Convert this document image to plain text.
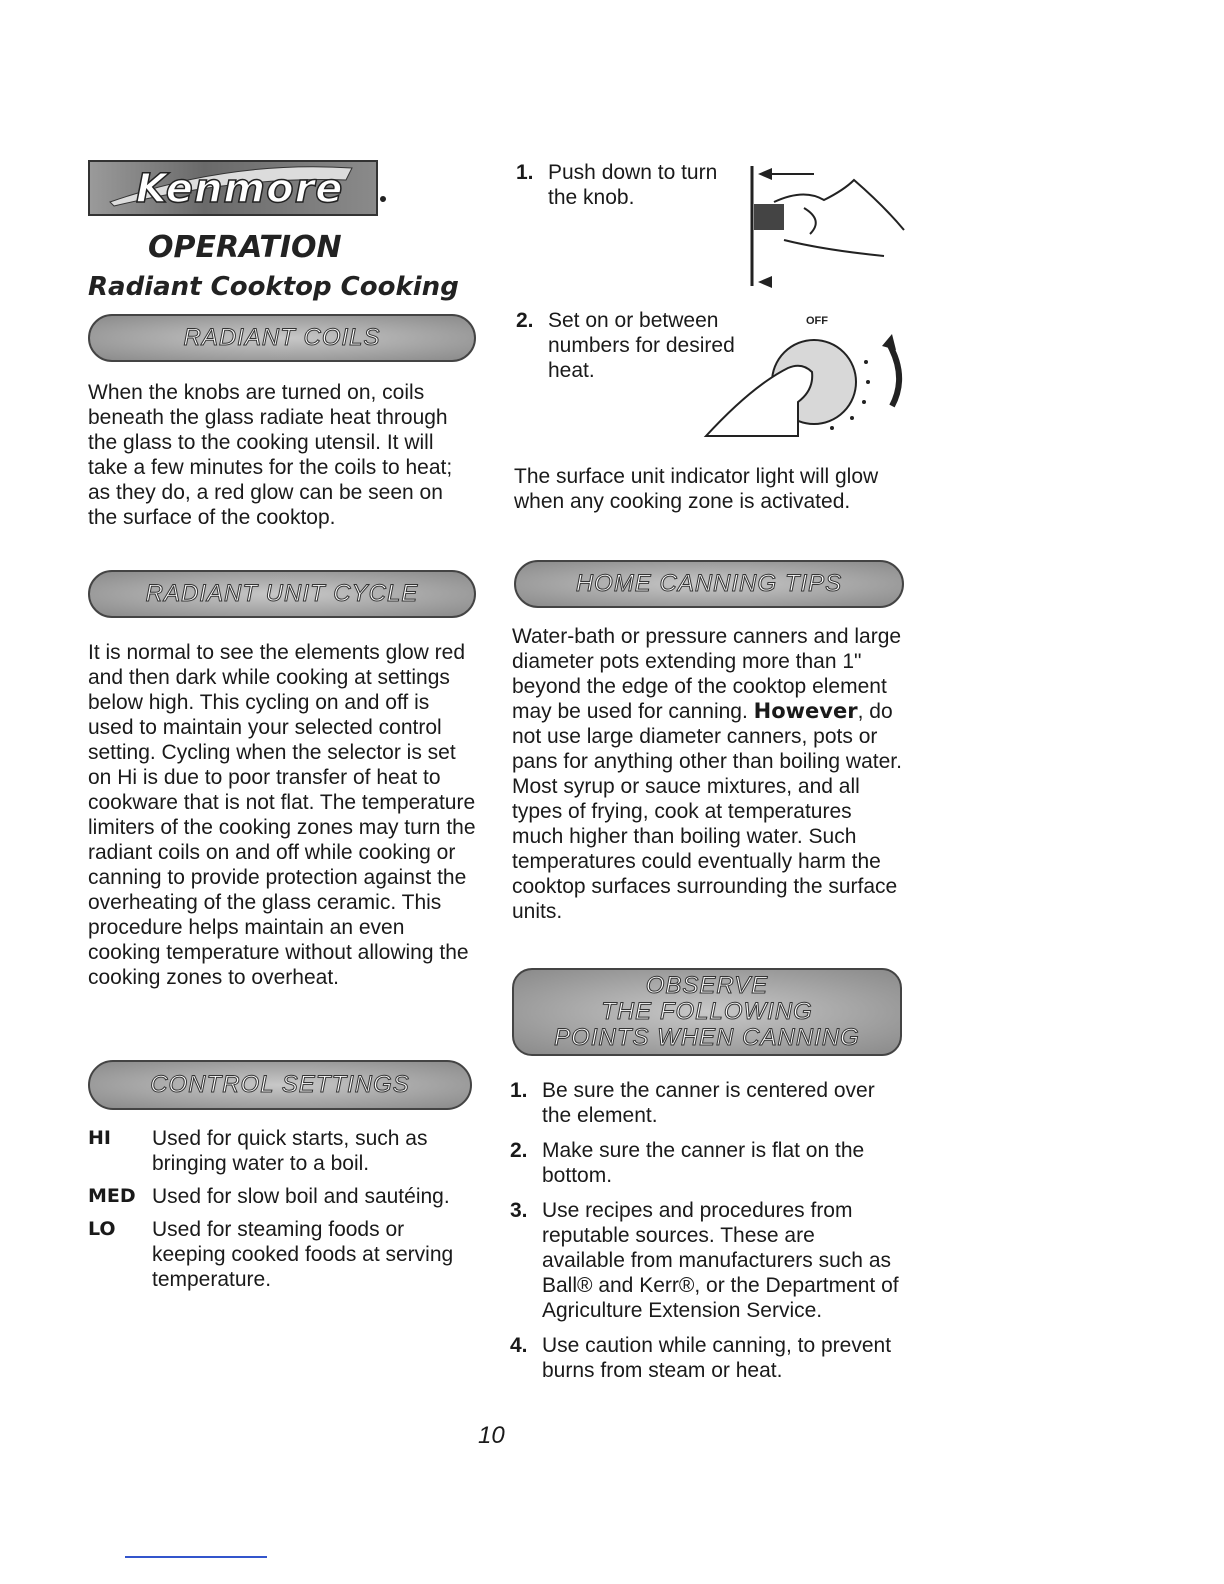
Kenmore
OPERATION
Radiant Cooktop Cooking
RADIANT COILS

When the knobs are turned on, coils beneath the glass radiate heat through the glass to the cooking utensil. It will take a few minutes for the coils to heat; as they do, a red glow can be seen on the surface of the cooktop.

RADIANT UNIT CYCLE

It is normal to see the elements glow red and then dark while cooking at settings below high. This cycling on and off is used to maintain your selected control setting. Cycling when the selector is set on Hi is due to poor transfer of heat to cookware that is not flat. The temperature limiters of the cooking zones may turn the radiant coils on and off while cooking or canning to provide protection against the overheating of the glass ceramic. This procedure helps maintain an even cooking temperature without allowing the cooking zones to overheat.

CONTROL SETTINGS
HI	Used for quick starts, such as bringing water to a boil.
MED Used for slow boil and sautéing.
LO	Used for steaming foods or keeping cooked foods at serving temperature.
1. Push down to turn the knob.
2. Set on or between numbers for desired heat.
OFF

The surface unit indicator light will glow when any cooking zone is activated.

HOME CANNING TIPS

Water-bath or pressure canners and large diameter pots extending more than 1" beyond the edge of the cooktop element may be used for canning. However, do not use large diameter canners, pots or pans for anything other than boiling water. Most syrup or sauce mixtures, and all types of frying, cook at temperatures much higher than boiling water. Such temperatures could eventually harm the cooktop surfaces surrounding the surface units.

OBSERVE
THE FOLLOWING
POINTS WHEN CANNING
1. Be sure the canner is centered over the element.
2. Make sure the canner is flat on the bottom.
3. Use recipes and procedures from reputable sources. These are available from manufacturers such as Ball® and Kerr®, or the Department of Agriculture Extension Service.
4. Use caution while canning, to prevent burns from steam or heat.
10
